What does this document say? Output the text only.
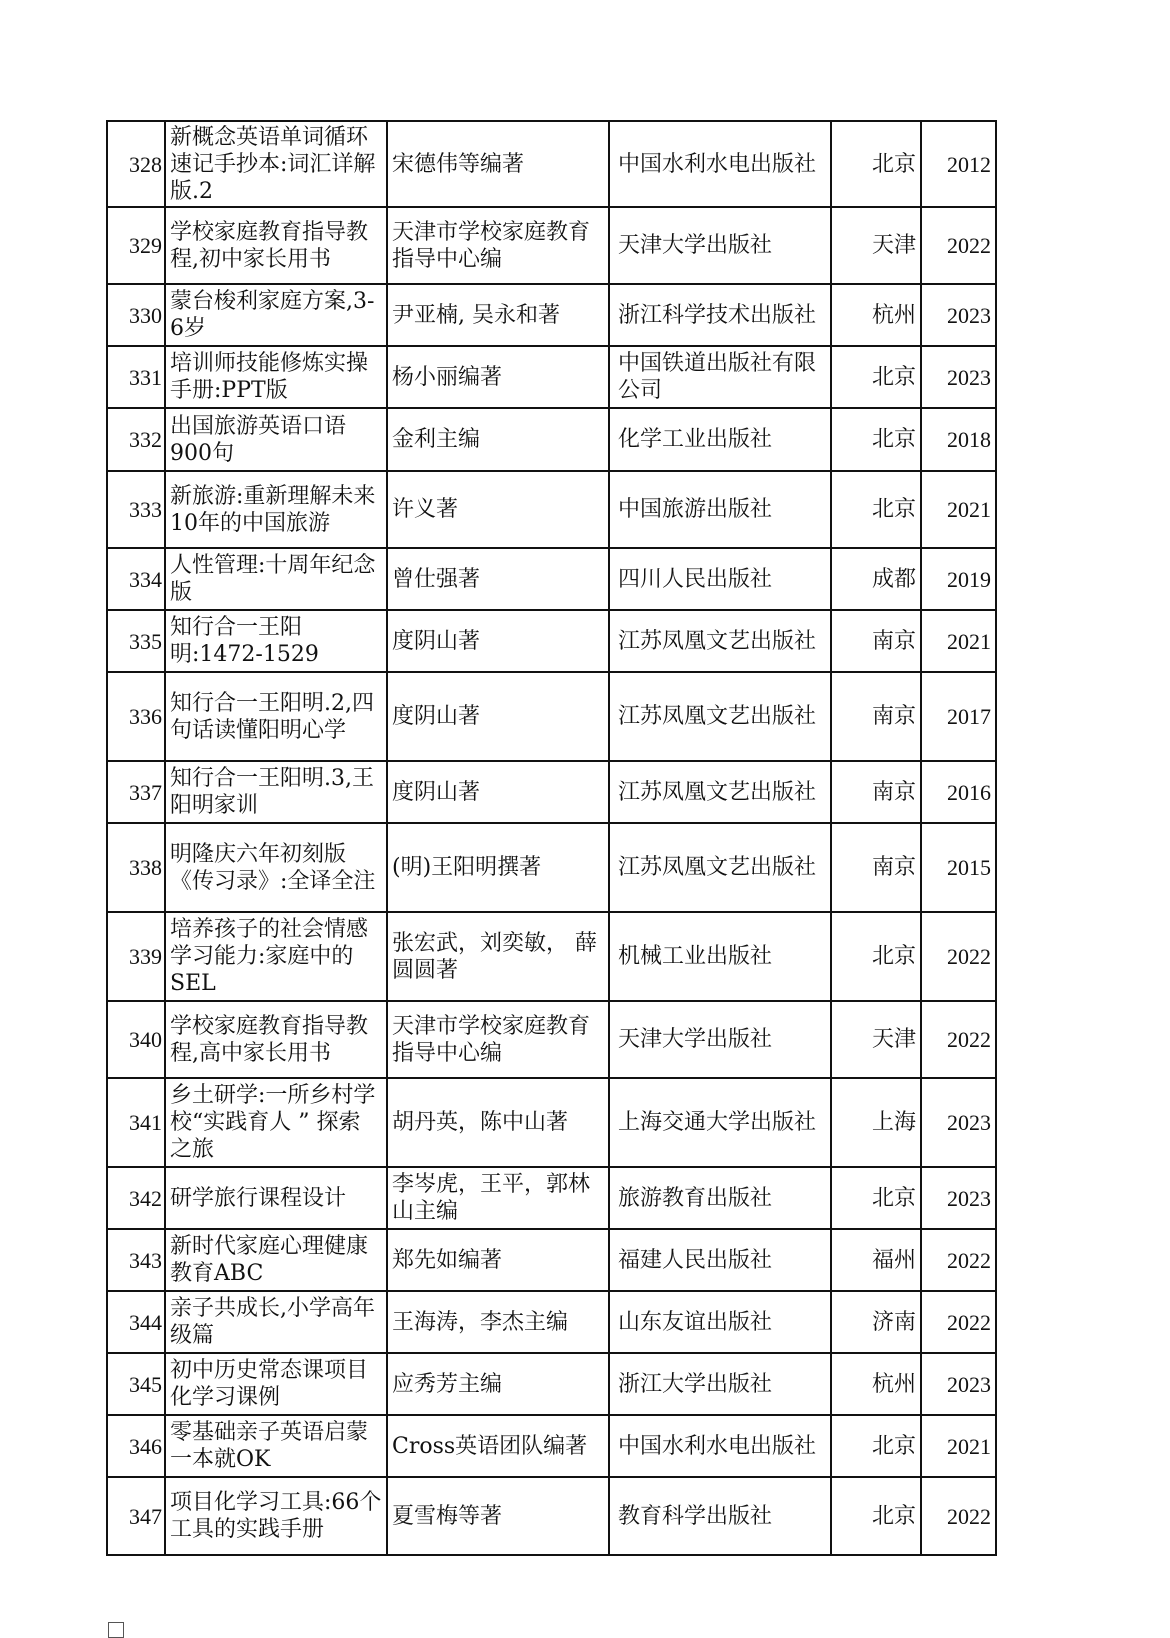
328	新概念英语单词循环速记手抄本:词汇详解版.2	宋德伟等编著	中国水利水电出版社	北京	2012
329	学校家庭教育指导教程,初中家长用书	天津市学校家庭教育指导中心编	天津大学出版社	天津	2022
330	蒙台梭利家庭方案,3-6岁	尹亚楠, 吴永和著	浙江科学技术出版社	杭州	2023
331	培训师技能修炼实操手册:PPT版	杨小丽编著	中国铁道出版社有限公司	北京	2023
332	出国旅游英语口语900句	金利主编	化学工业出版社	北京	2018
333	新旅游:重新理解未来10年的中国旅游	许义著	中国旅游出版社	北京	2021
334	人性管理:十周年纪念版	曾仕强著	四川人民出版社	成都	2019
335	知行合一王阳明:1472-1529	度阴山著	江苏凤凰文艺出版社	南京	2021
336	知行合一王阳明.2,四句话读懂阳明心学	度阴山著	江苏凤凰文艺出版社	南京	2017
337	知行合一王阳明.3,王阳明家训	度阴山著	江苏凤凰文艺出版社	南京	2016
338	明隆庆六年初刻版《传习录》:全译全注	(明)王阳明撰著	江苏凤凰文艺出版社	南京	2015
339	培养孩子的社会情感学习能力:家庭中的SEL	张宏武，刘奕敏， 薛圆圆著	机械工业出版社	北京	2022
340	学校家庭教育指导教程,高中家长用书	天津市学校家庭教育指导中心编	天津大学出版社	天津	2022
341	乡土研学:一所乡村学校“实践育人 ” 探索之旅	胡丹英，陈中山著	上海交通大学出版社	上海	2023
342	研学旅行课程设计	李岑虎，王平，郭林山主编	旅游教育出版社	北京	2023
343	新时代家庭心理健康教育ABC	郑先如编著	福建人民出版社	福州	2022
344	亲子共成长,小学高年级篇	王海涛，李杰主编	山东友谊出版社	济南	2022
345	初中历史常态课项目化学习课例	应秀芳主编	浙江大学出版社	杭州	2023
346	零基础亲子英语启蒙一本就OK	Cross英语团队编著	中国水利水电出版社	北京	2021
347	项目化学习工具:66个工具的实践手册	夏雪梅等著	教育科学出版社	北京	2022
